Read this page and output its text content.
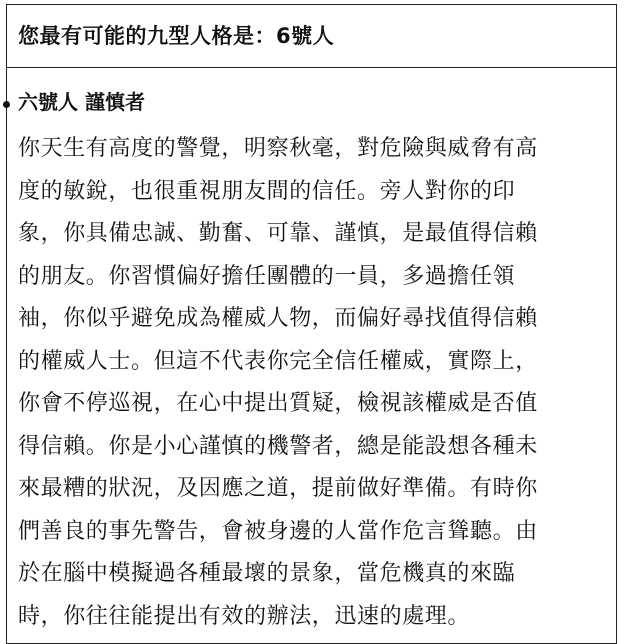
您最有可能的九型人格是：6號人
六號人 謹慎者
你天生有高度的警覺，明察秋毫，對危險與威脅有高
度的敏銳，也很重視朋友間的信任。旁人對你的印
象，你具備忠誠、勤奮、可靠、謹慎，是最值得信賴
的朋友。你習慣偏好擔任團體的一員，多過擔任領
袖，你似乎避免成為權威人物，而偏好尋找值得信賴
的權威人士。但這不代表你完全信任權威，實際上，
你會不停巡視，在心中提出質疑，檢視該權威是否值
得信賴。你是小心謹慎的機警者，總是能設想各種未
來最糟的狀況，及因應之道，提前做好準備。有時你
們善良的事先警告，會被身邊的人當作危言聳聽。由
於在腦中模擬過各種最壞的景象，當危機真的來臨
時，你往往能提出有效的辦法，迅速的處理。
